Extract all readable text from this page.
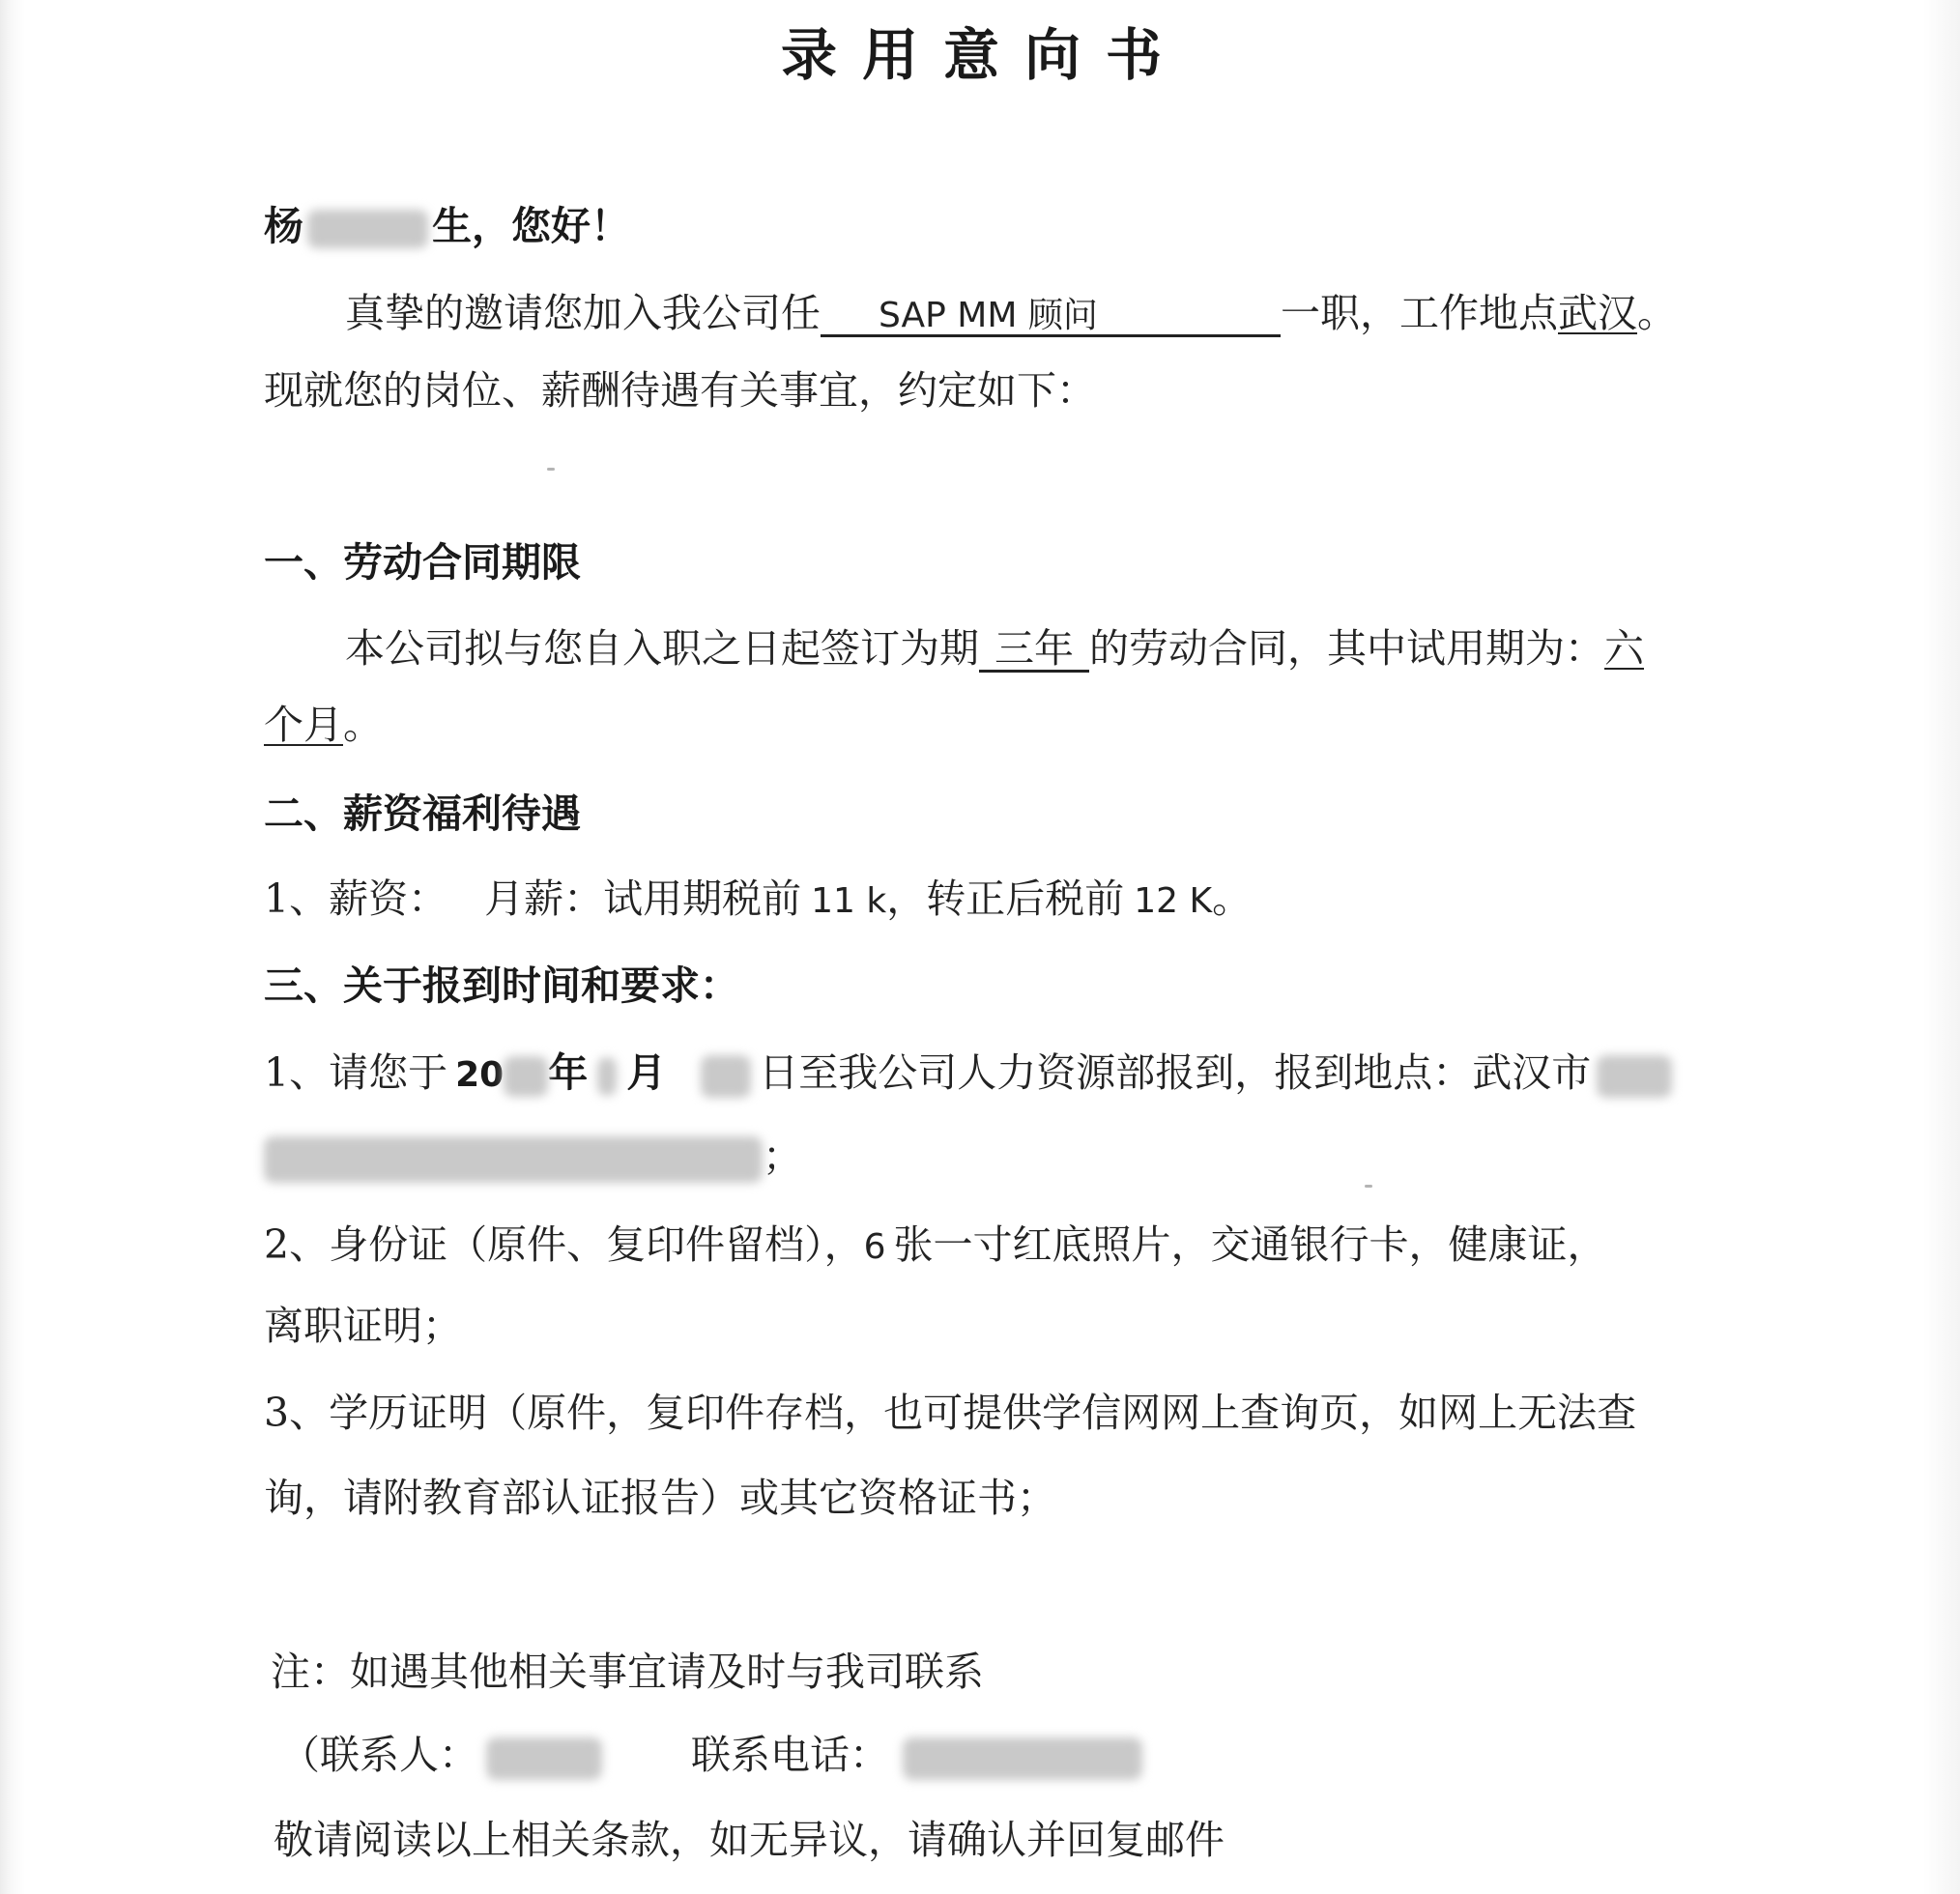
录用意向书
杨	生，您好！
真挚的邀请您加入我公司任 SAP MM 顾问	一职，工作地点武汉。
现就您的岗位、薪酬待遇有关事宜，约定如下：
一、劳动合同期限
本公司拟与您自入职之日起签订为期 三年 的劳动合同，其中试用期为：六
个月。
二、薪资福利待遇
1、薪资： 月薪：试用期税前 11 k，转正后税前 12 K。
三、关于报到时间和要求：
1、请您于 20 年 月 日至我公司人力资源部报到，报到地点：武汉市
；
2、身份证（原件、复印件留档），6 张一寸红底照片，交通银行卡，健康证，
离职证明；
3、学历证明（原件，复印件存档，也可提供学信网网上查询页，如网上无法查
询，请附教育部认证报告）或其它资格证书；
注：如遇其他相关事宜请及时与我司联系
（联系人：	联系电话：
敬请阅读以上相关条款，如无异议，请确认并回复邮件
